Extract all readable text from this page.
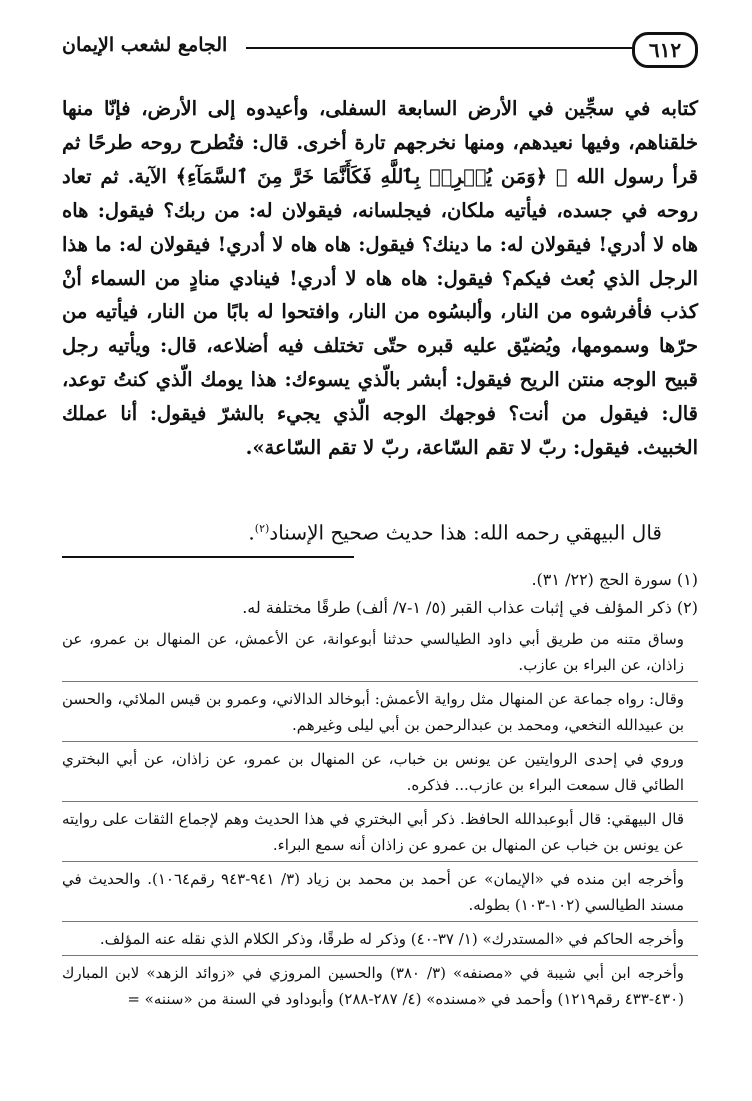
٦١٢
الجامع لشعب الإيمان

كتابه في سجِّين في الأرض السابعة السفلى، وأعيدوه إلى الأرض، فإنّا منها خلقناهم، وفيها نعيدهم، ومنها نخرجهم تارة أخرى. قال: فتُطرح روحه طرحًا ثم قرأ رسول الله ﷺ ﴿وَمَن يُشۡرِكۡ بِٱللَّهِ فَكَأَنَّمَا خَرَّ مِنَ ٱلسَّمَآءِ﴾ الآية. ثم تعاد روحه في جسده، فيأتيه ملكان، فيجلسانه، فيقولان له: من ربك؟ فيقول: هاه هاه لا أدري! فيقولان له: ما دينك؟ فيقول: هاه هاه لا أدري! فيقولان له: ما هذا الرجل الذي بُعث فيكم؟ فيقول: هاه هاه لا أدري! فينادي منادٍ من السماء أنْ كذب فأفرشوه من النار، وألبسُوه من النار، وافتحوا له بابًا من النار، فيأتيه من حرّها وسمومها، ويُضيّق عليه قبره حتّى تختلف فيه أضلاعه، قال: ويأتيه رجل قبيح الوجه منتن الريح فيقول: أبشر بالّذي يسوءك: هذا يومك الّذي كنتُ توعد، قال: فيقول من أنت؟ فوجهك الوجه الّذي يجيء بالشرّ فيقول: أنا عملك الخبيث. فيقول: ربّ لا تقم السّاعة، ربّ لا تقم السّاعة».

قال البيهقي رحمه الله: هذا حديث صحيح الإسناد$^{(٢)}$.
(١) سورة الحج (٢٢/ ٣١).
(٢) ذكر المؤلف في إثبات عذاب القبر (٥/ ١-٧/ ألف) طرقًا مختلفة له.
وساق متنه من طريق أبي داود الطيالسي حدثنا أبوعوانة، عن الأعمش، عن المنهال بن عمرو، عن زاذان، عن البراء بن عازب.
وقال: رواه جماعة عن المنهال مثل رواية الأعمش: أبوخالد الدالاني، وعمرو بن قيس الملائي، والحسن بن عبيدالله النخعي، ومحمد بن عبدالرحمن بن أبي ليلى وغيرهم.
وروي في إحدى الروايتين عن يونس بن خباب، عن المنهال بن عمرو، عن زاذان، عن أبي البختري الطائي قال سمعت البراء بن عازب... فذكره.
قال البيهقي: قال أبوعبدالله الحافظ. ذكر أبي البختري في هذا الحديث وهم لإجماع الثقات على روايته عن يونس بن خباب عن المنهال بن عمرو عن زاذان أنه سمع البراء.
وأخرجه ابن منده في «الإيمان» عن أحمد بن محمد بن زياد (٣/ ٩٤١-٩٤٣ رقم١٠٦٤). والحديث في مسند الطيالسي (١٠٢-١٠٣) بطوله.
وأخرجه الحاكم في «المستدرك» (١/ ٣٧-٤٠) وذكر له طرقًا، وذكر الكلام الذي نقله عنه المؤلف.
وأخرجه ابن أبي شيبة في «مصنفه» (٣/ ٣٨٠) والحسين المروزي في «زوائد الزهد» لابن المبارك (٤٣٠-٤٣٣ رقم١٢١٩) وأحمد في «مسنده» (٤/ ٢٨٧-٢٨٨) وأبوداود في السنة من «سننه» =
